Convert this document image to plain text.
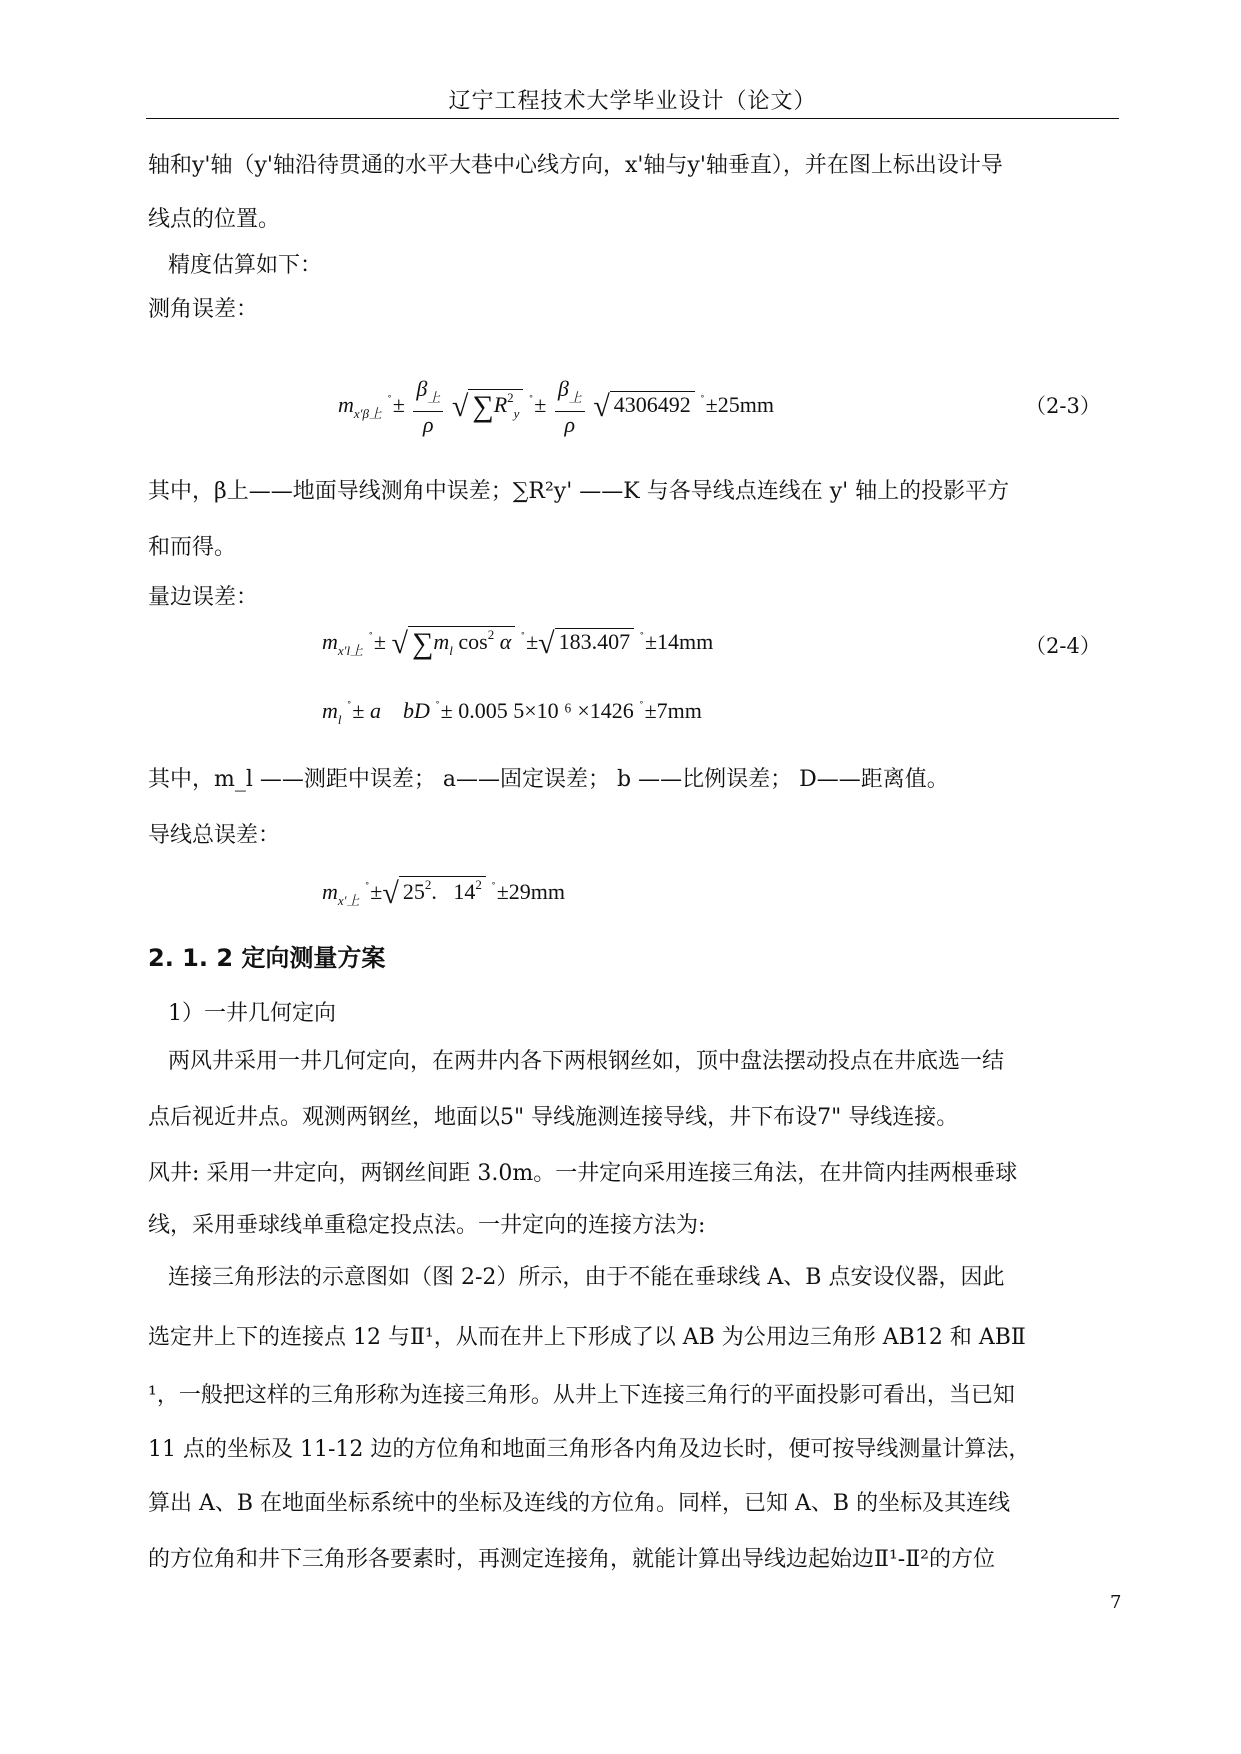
辽宁工程技术大学毕业设计（论文）
轴和y'轴（y'轴沿待贯通的水平大巷中心线方向，x'轴与y'轴垂直），并在图上标出设计导
线点的位置。
精度估算如下：
测角误差：
$m_{x'\beta 上}$ $^˚\pm \frac{\beta_上}{\rho}$ √ $\sum R^2_y$ $^˚\pm \frac{\beta_上}{\rho}$ √ 4306492 ˚±25mm	（2-3）
其中，β上——地面导线测角中误差；∑R²y' ——K 与各导线点连线在 y' 轴上的投影平方
和而得。
量边误差：
$m_{x'l上}$ ˚± √ $\sum m_l$ $\cos^2 \alpha$ ˚±√ 183.407 ˚±14mm	（2-4）
$m_l$ ˚± a bD ˚± 0.005 5×10 ⁶ ×1426 ˚±7mm
其中，m_l ——测距中误差； a——固定误差； b ——比例误差； D——距离值。
导线总误差：
$m_{x'上}$ ˚±√ $25^2$.   $14^2$ ˚±29mm
2. 1. 2 定向测量方案
1）一井几何定向
两风井采用一井几何定向，在两井内各下两根钢丝如，顶中盘法摆动投点在井底选一结
点后视近井点。观测两钢丝，地面以5" 导线施测连接导线，井下布设7" 导线连接。
风井: 采用一井定向，两钢丝间距 3.0m。一井定向采用连接三角法，在井筒内挂两根垂球
线，采用垂球线单重稳定投点法。一井定向的连接方法为:
连接三角形法的示意图如（图 2-2）所示，由于不能在垂球线 A、B 点安设仪器，因此
选定井上下的连接点 12 与Ⅱ¹，从而在井上下形成了以 AB 为公用边三角形 AB12 和 ABⅡ
¹，一般把这样的三角形称为连接三角形。从井上下连接三角行的平面投影可看出，当已知
11 点的坐标及 11-12 边的方位角和地面三角形各内角及边长时，便可按导线测量计算法，
算出 A、B 在地面坐标系统中的坐标及连线的方位角。同样，已知 A、B 的坐标及其连线
的方位角和井下三角形各要素时，再测定连接角，就能计算出导线边起始边Ⅱ¹-Ⅱ²的方位
7
